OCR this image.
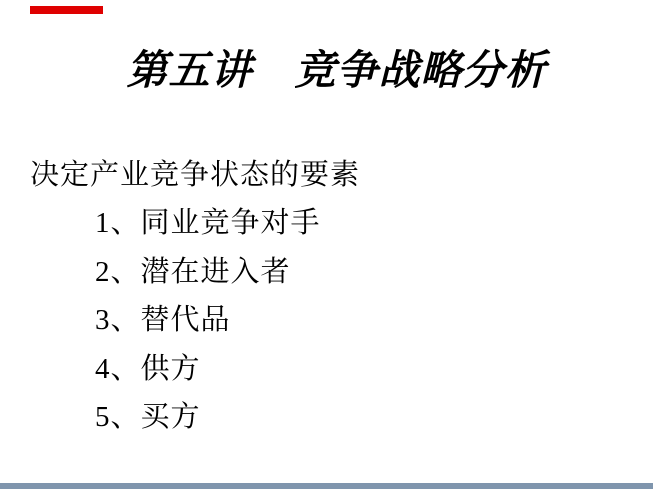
第五讲　竞争战略分析
决定产业竞争状态的要素
1、同业竞争对手
2、潜在进入者
3、替代品
4、供方
5、买方
